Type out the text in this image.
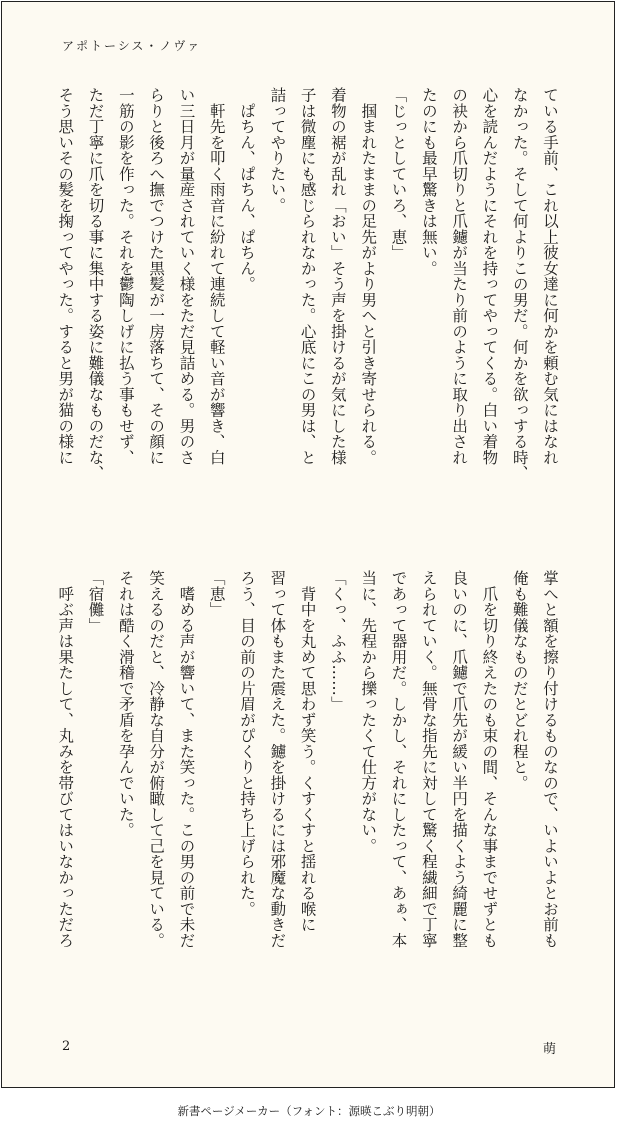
アポトーシス・ノヴァ
ている手前、これ以上彼女達に何かを頼む気にはなれ
なかった。そして何よりこの男だ。何かを欲っする時、
心を読んだようにそれを持ってやってくる。白い着物
の袂から爪切りと爪鑢が当たり前のように取り出され
たのにも最早驚きは無い。
「じっとしていろ、恵」
　掴まれたままの足先がより男へと引き寄せられる。
着物の裾が乱れ「おい」そう声を掛けるが気にした様
子は微塵にも感じられなかった。心底にこの男は、と
詰ってやりたい。
　ぱちん、ぱちん、ぱちん。
　軒先を叩く雨音に紛れて連続して軽い音が響き、白
い三日月が量産されていく様をただ見詰める。男のさ
らりと後ろへ撫でつけた黒髪が一房落ちて、その顔に
一筋の影を作った。それを鬱陶しげに払う事もせず、
ただ丁寧に爪を切る事に集中する姿に難儀なものだな、
そう思いその髪を掬ってやった。すると男が猫の様に
掌へと額を擦り付けるものなので、いよいよとお前も
俺も難儀なものだとどれ程と。
　爪を切り終えたのも束の間、そんな事までせずとも
良いのに、爪鑢で爪先が緩い半円を描くよう綺麗に整
えられていく。無骨な指先に対して驚く程繊細で丁寧
であって器用だ。しかし、それにしたって、あぁ、本
当に、先程から擽ったくて仕方がない。
「くっ、ふふ……」
　背中を丸めて思わず笑う。くすくすと揺れる喉に
習って体もまた震えた。鑢を掛けるには邪魔な動きだ
ろう、目の前の片眉がぴくりと持ち上げられた。
「恵」
　嗜める声が響いて、また笑った。この男の前で未だ
笑えるのだと、冷静な自分が俯瞰して己を見ている。
それは酷く滑稽で矛盾を孕んでいた。
「宿儺」
　呼ぶ声は果たして、丸みを帯びてはいなかっただろ
2	萌
新書ページメーカー（フォント：源暎こぶり明朝）
